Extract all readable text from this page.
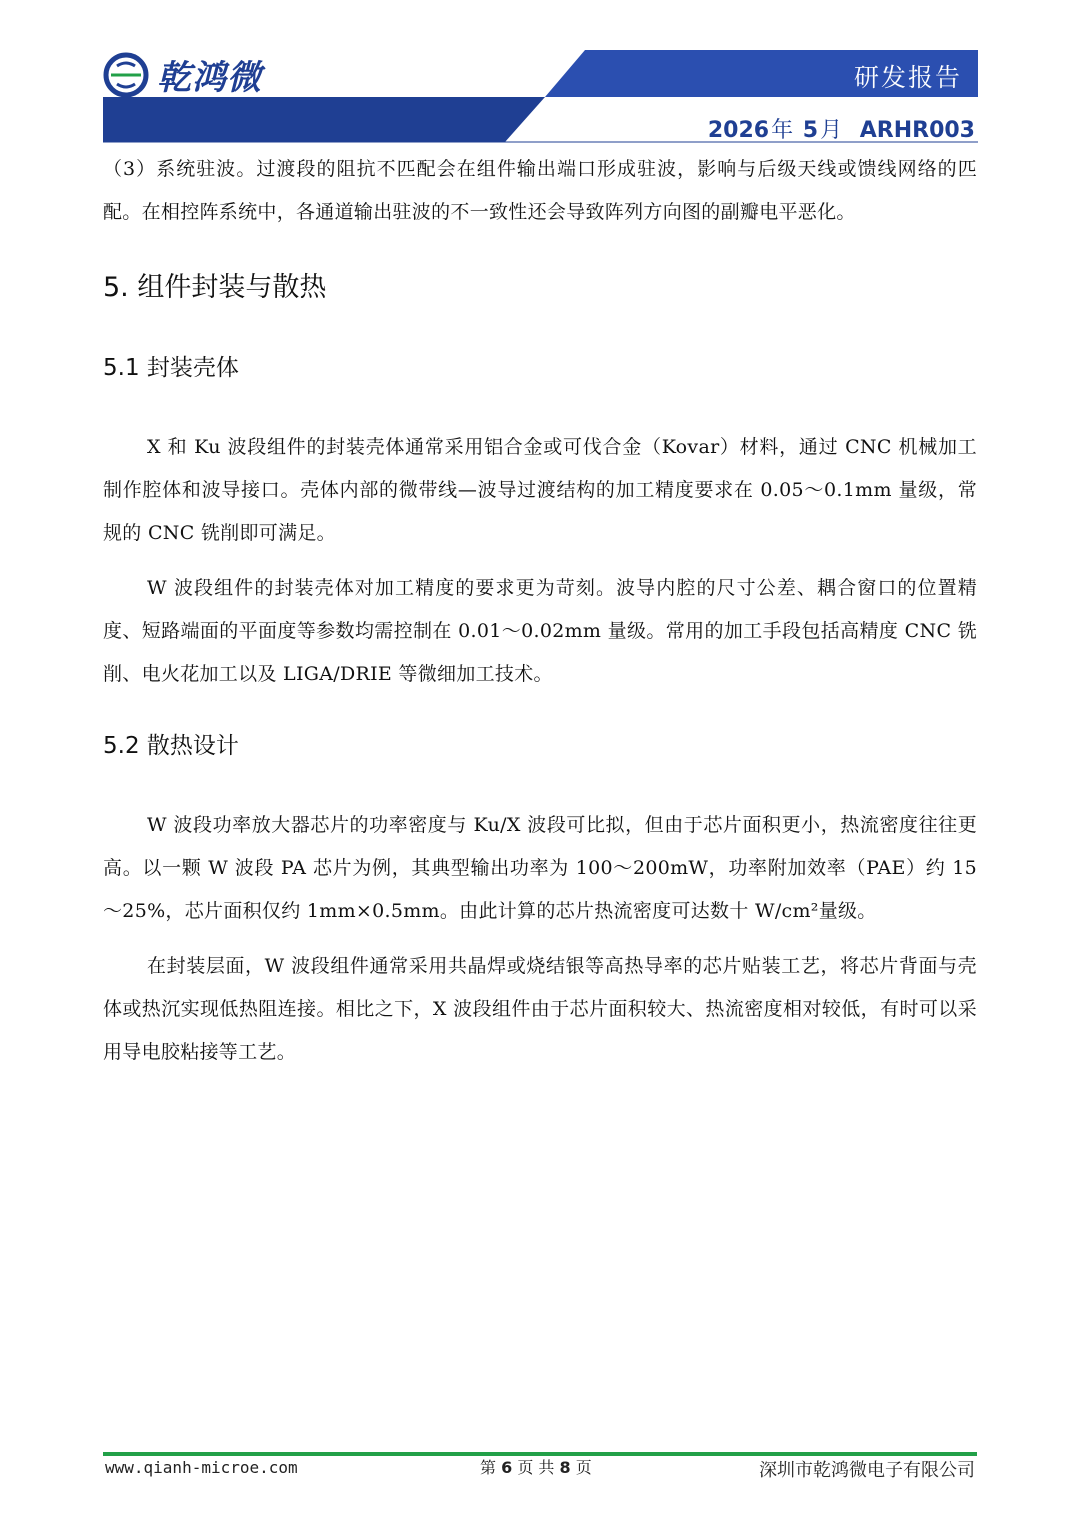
乾鸿微	研发报告
2026年 5月 ARHR003

（3）系统驻波。过渡段的阻抗不匹配会在组件输出端口形成驻波，影响与后级天线或馈线网络的匹配。在相控阵系统中，各通道输出驻波的不一致性还会导致阵列方向图的副瓣电平恶化。

5. 组件封装与散热
5.1 封装壳体

X 和 Ku 波段组件的封装壳体通常采用铝合金或可伐合金（Kovar）材料，通过 CNC 机械加工制作腔体和波导接口。壳体内部的微带线—波导过渡结构的加工精度要求在 0.05～0.1mm 量级，常规的 CNC 铣削即可满足。

W 波段组件的封装壳体对加工精度的要求更为苛刻。波导内腔的尺寸公差、耦合窗口的位置精度、短路端面的平面度等参数均需控制在 0.01～0.02mm 量级。常用的加工手段包括高精度 CNC 铣削、电火花加工以及 LIGA/DRIE 等微细加工技术。

5.2 散热设计

W 波段功率放大器芯片的功率密度与 Ku/X 波段可比拟，但由于芯片面积更小，热流密度往往更高。以一颗 W 波段 PA 芯片为例，其典型输出功率为 100～200mW，功率附加效率（PAE）约 15～25%，芯片面积仅约 1mm×0.5mm。由此计算的芯片热流密度可达数十 W/cm²量级。

在封装层面，W 波段组件通常采用共晶焊或烧结银等高热导率的芯片贴装工艺，将芯片背面与壳体或热沉实现低热阻连接。相比之下，X 波段组件由于芯片面积较大、热流密度相对较低，有时可以采用导电胶粘接等工艺。

www.qianh-microe.com	第 6 页 共 8 页	深圳市乾鸿微电子有限公司
